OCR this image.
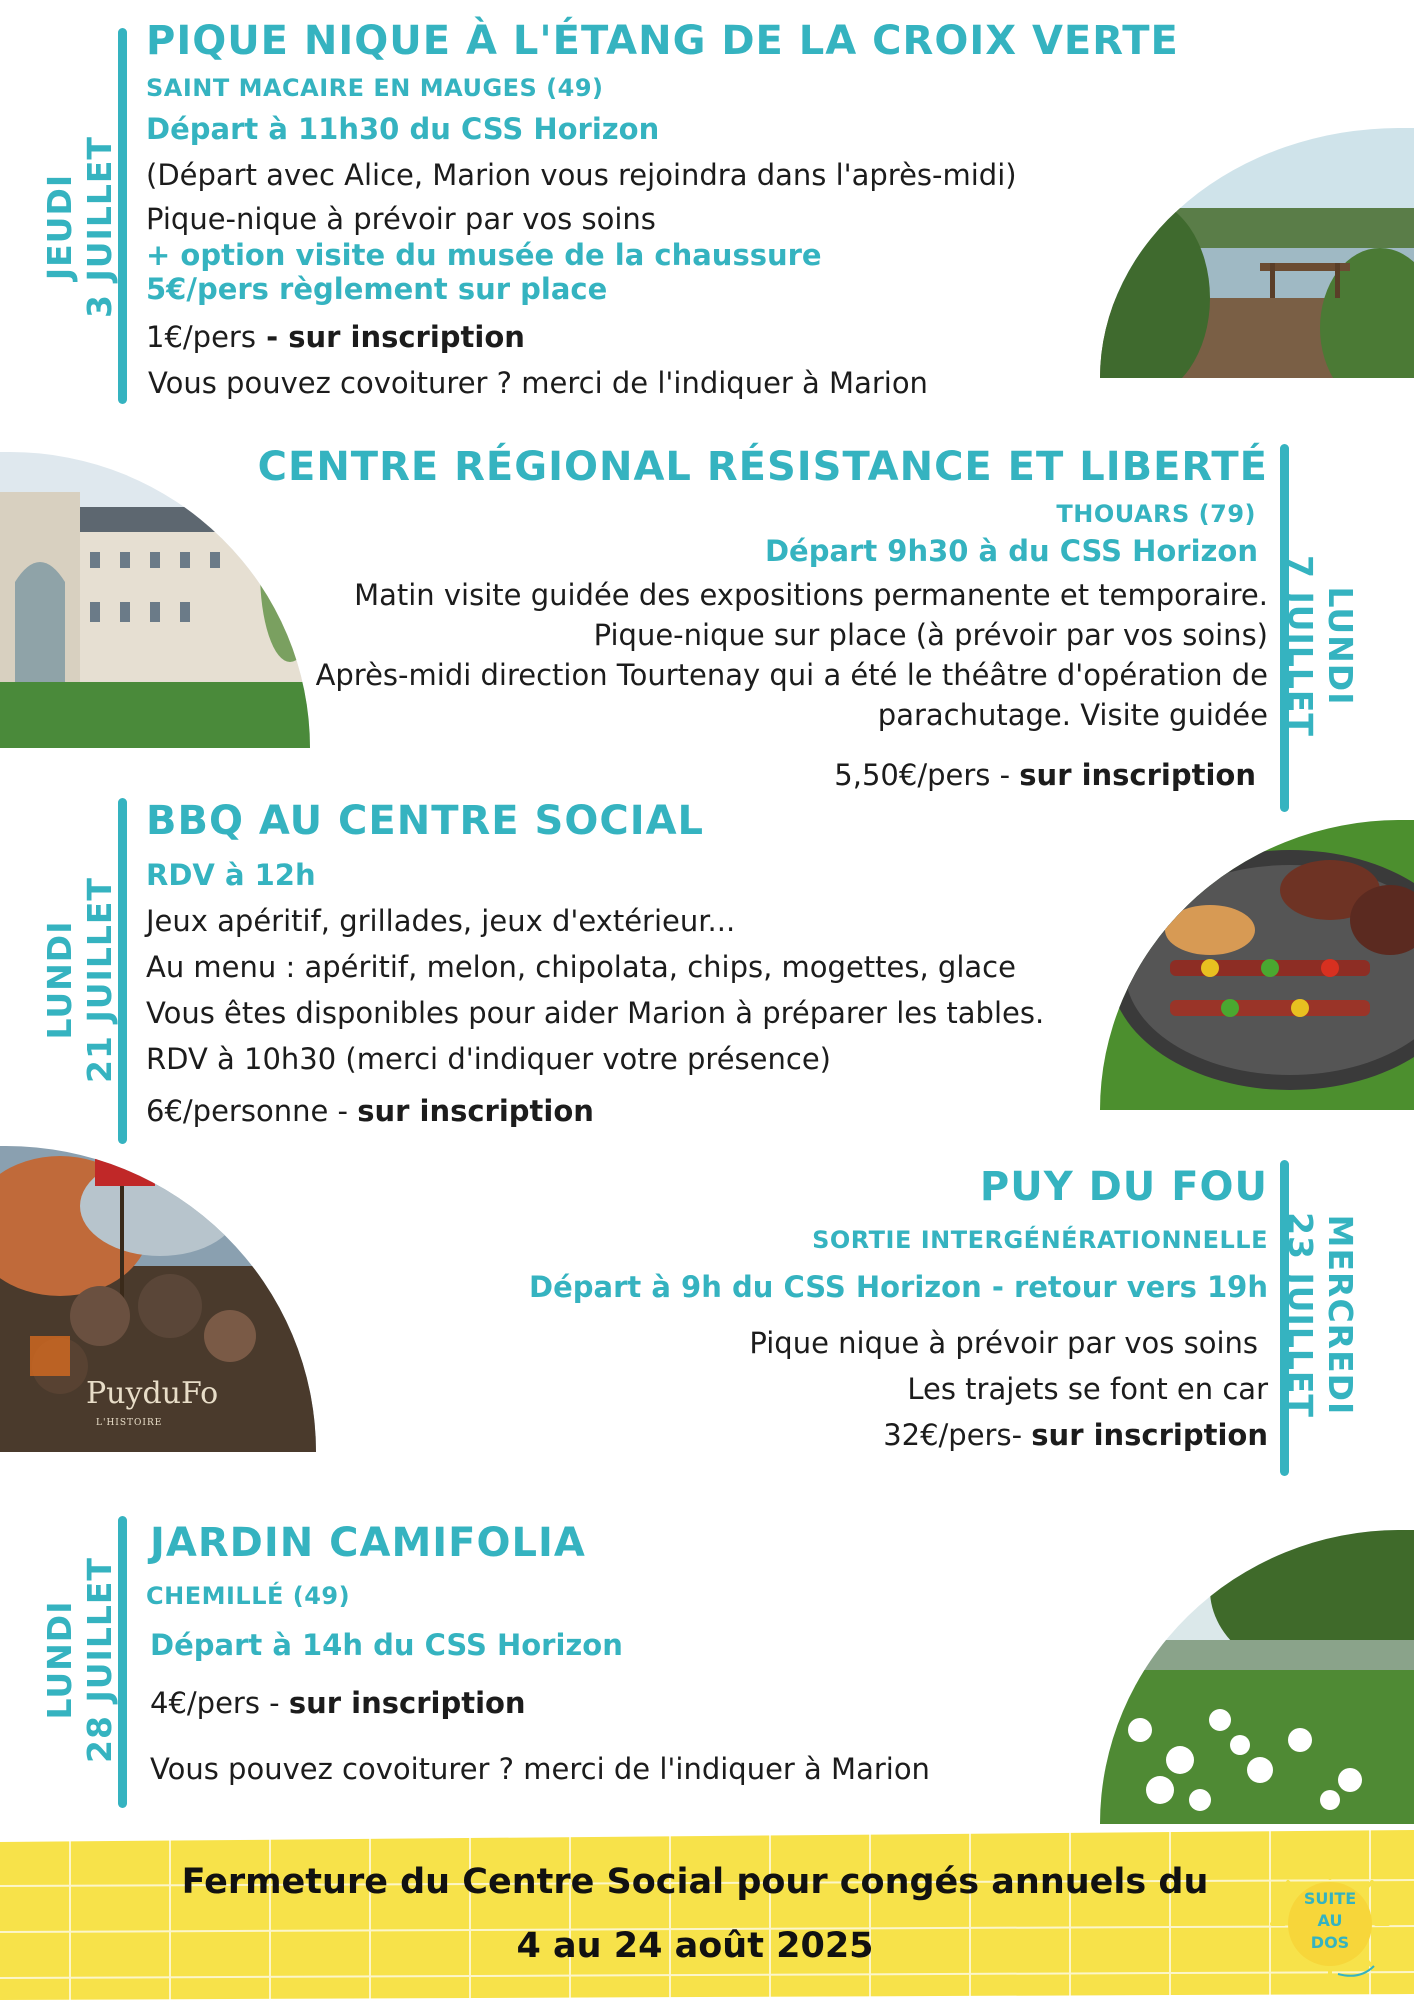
JEUDI 3 JUILLET
PIQUE NIQUE À L'ÉTANG DE LA CROIX VERTE
SAINT MACAIRE EN MAUGES (49)
Départ à 11h30 du CSS Horizon
(Départ avec Alice, Marion vous rejoindra dans l'après-midi)
Pique-nique à prévoir par vos soins
+ option visite du musée de la chaussure
5€/pers règlement sur place
1€/pers - sur inscription
Vous pouvez covoiturer ? merci de l'indiquer à Marion
LUNDI
7 JUILLET
CENTRE RÉGIONAL RÉSISTANCE ET LIBERTÉ
THOUARS (79)
Départ 9h30 à du CSS Horizon
Matin visite guidée des expositions permanente et temporaire.
Pique-nique sur place (à prévoir par vos soins)
Après-midi direction Tourtenay qui a été le théâtre d'opération de
parachutage. Visite guidée
5,50€/pers - sur inscription
LUNDI 21 JUILLET
BBQ AU CENTRE SOCIAL
RDV à 12h
Jeux apéritif, grillades, jeux d'extérieur...
Au menu : apéritif, melon, chipolata, chips, mogettes, glace
Vous êtes disponibles pour aider Marion à préparer les tables.
RDV à 10h30 (merci d'indiquer votre présence)
6€/personne - sur inscription
MERCREDI
23 JUILLET
PUY DU FOU
SORTIE INTERGÉNÉRATIONNELLE
Départ à 9h du CSS Horizon - retour vers 19h
Pique nique à prévoir par vos soins
Les trajets se font en car
32€/pers- sur inscription
PuyduFo
L'HISTOIRE
LUNDI 28 JUILLET
JARDIN CAMIFOLIA
CHEMILLÉ (49)
Départ à 14h du CSS Horizon
4€/pers - sur inscription
Vous pouvez covoiturer ? merci de l'indiquer à Marion
Fermeture du Centre Social pour congés annuels du
4 au 24 août 2025
SUITE
AU
DOS
